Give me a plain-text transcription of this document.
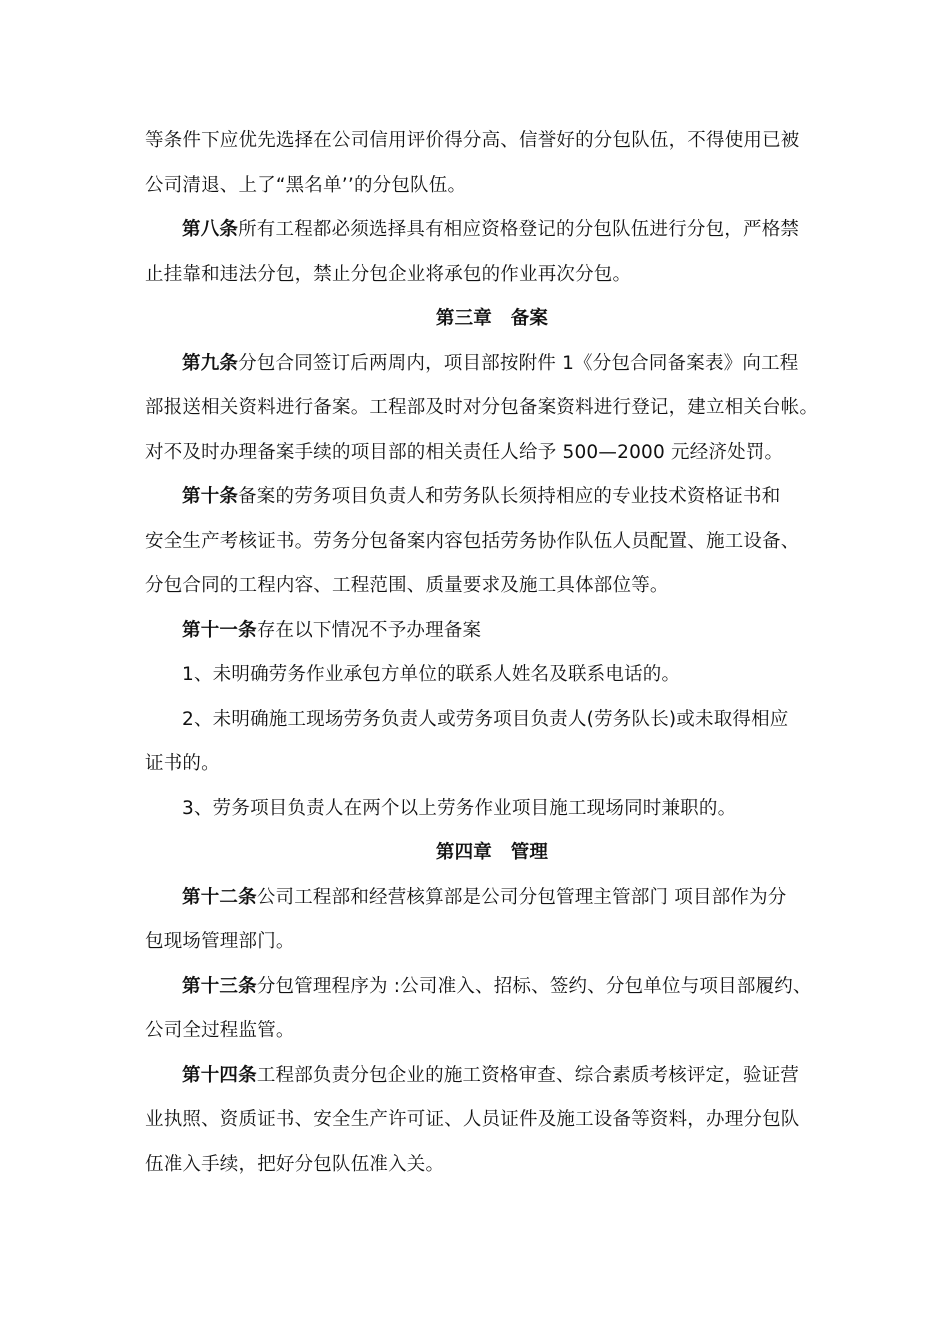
等条件下应优先选择在公司信用评价得分高、信誉好的分包队伍，不得使用已被
公司清退、上了“黑名单’’的分包队伍。
第八条所有工程都必须选择具有相应资格登记的分包队伍进行分包，严格禁
止挂靠和违法分包，禁止分包企业将承包的作业再次分包。
第三章　备案
第九条分包合同签订后两周内，项目部按附件 1《分包合同备案表》向工程
部报送相关资料进行备案。工程部及时对分包备案资料进行登记，建立相关台帐。
对不及时办理备案手续的项目部的相关责任人给予 500—2000 元经济处罚。
第十条备案的劳务项目负责人和劳务队长须持相应的专业技术资格证书和
安全生产考核证书。劳务分包备案内容包括劳务协作队伍人员配置、施工设备、
分包合同的工程内容、工程范围、质量要求及施工具体部位等。
第十一条存在以下情况不予办理备案
1、未明确劳务作业承包方单位的联系人姓名及联系电话的。
2、未明确施工现场劳务负责人或劳务项目负责人(劳务队长)或未取得相应
证书的。
3、劳务项目负责人在两个以上劳务作业项目施工现场同时兼职的。
第四章　管理
第十二条公司工程部和经营核算部是公司分包管理主管部门 项目部作为分
包现场管理部门。
第十三条分包管理程序为 :公司准入、招标、签约、分包单位与项目部履约、
公司全过程监管。
第十四条工程部负责分包企业的施工资格审查、综合素质考核评定，验证营
业执照、资质证书、安全生产许可证、人员证件及施工设备等资料，办理分包队
伍准入手续，把好分包队伍准入关。
